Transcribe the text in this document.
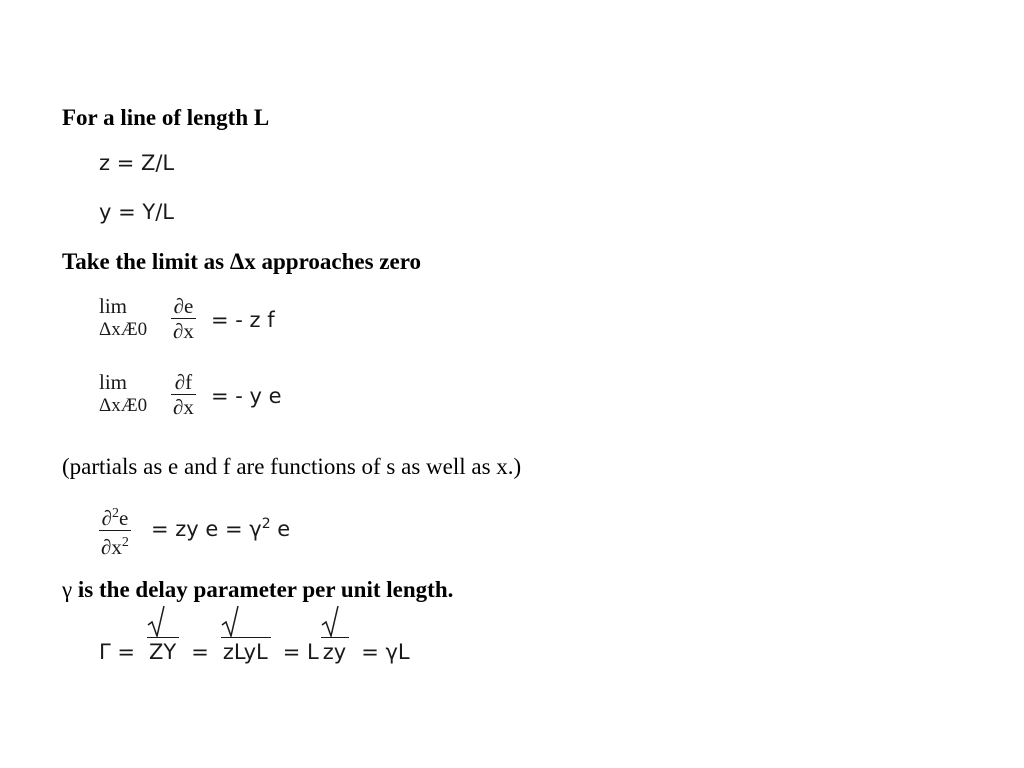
For a line of length L

z = Z/L
y = Y/L

Take the limit as Δx approaches zero

lim
ΔxÆ0	$\frac{\partial e}{\partial x}$ = - z f
lim
ΔxÆ0	$\frac{\partial f}{\partial x}$ = - y e

(partials as e and f are functions of s as well as x.)

$\frac{\partial^2e}{\partial x^2}$ = zy $e = \gamma^2$ e

γ is the delay parameter per unit length.

Γ = ZY = zLyL = L zy = γL
